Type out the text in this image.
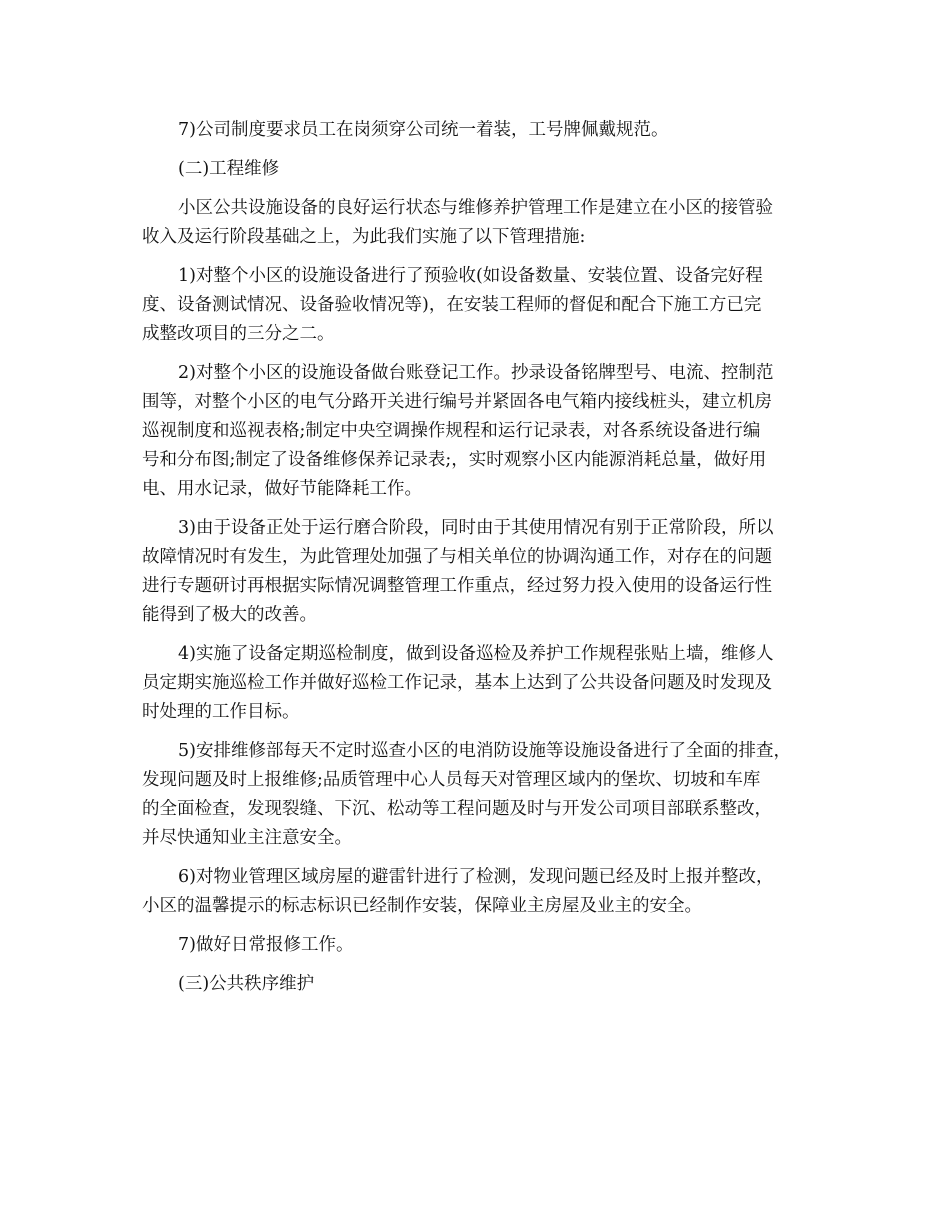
7)公司制度要求员工在岗须穿公司统一着装，工号牌佩戴规范。
(二)工程维修
小区公共设施设备的良好运行状态与维修养护管理工作是建立在小区的接管验
收入及运行阶段基础之上，为此我们实施了以下管理措施:
1)对整个小区的设施设备进行了预验收(如设备数量、安装位置、设备完好程
度、设备测试情况、设备验收情况等)，在安装工程师的督促和配合下施工方已完
成整改项目的三分之二。
2)对整个小区的设施设备做台账登记工作。抄录设备铭牌型号、电流、控制范
围等，对整个小区的电气分路开关进行编号并紧固各电气箱内接线桩头，建立机房
巡视制度和巡视表格;制定中央空调操作规程和运行记录表，对各系统设备进行编
号和分布图;制定了设备维修保养记录表;，实时观察小区内能源消耗总量，做好用
电、用水记录，做好节能降耗工作。
3)由于设备正处于运行磨合阶段，同时由于其使用情况有别于正常阶段，所以
故障情况时有发生，为此管理处加强了与相关单位的协调沟通工作，对存在的问题
进行专题研讨再根据实际情况调整管理工作重点，经过努力投入使用的设备运行性
能得到了极大的改善。
4)实施了设备定期巡检制度，做到设备巡检及养护工作规程张贴上墙，维修人
员定期实施巡检工作并做好巡检工作记录，基本上达到了公共设备问题及时发现及
时处理的工作目标。
5)安排维修部每天不定时巡查小区的电消防设施等设施设备进行了全面的排查，
发现问题及时上报维修;品质管理中心人员每天对管理区域内的堡坎、切坡和车库
的全面检查，发现裂缝、下沉、松动等工程问题及时与开发公司项目部联系整改，
并尽快通知业主注意安全。
6)对物业管理区域房屋的避雷针进行了检测，发现问题已经及时上报并整改，
小区的温馨提示的标志标识已经制作安装，保障业主房屋及业主的安全。
7)做好日常报修工作。
(三)公共秩序维护
